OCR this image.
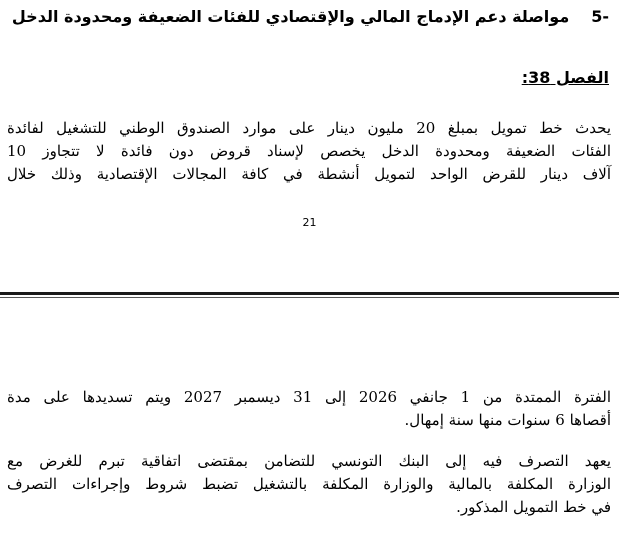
-5مواصلة دعم الإدماج المالي والإقتصادي للفئات الضعيفة ومحدودة الدخل
الفصل 38:
يحدث خط تمويل بمبلغ 20 مليون دينار على موارد الصندوق الوطني للتشغيل لفائدة
الفئات الضعيفة ومحدودة الدخل يخصص لإسناد قروض دون فائدة لا تتجاوز 10
آلاف دينار للقرض الواحد لتمويل أنشطة في كافة المجالات الإقتصادية وذلك خلال
21
الفترة الممتدة من 1 جانفي 2026 إلى 31 ديسمبر 2027 ويتم تسديدها على مدة
أقصاها 6 سنوات منها سنة إمهال.
يعهد التصرف فيه إلى البنك التونسي للتضامن بمقتضى اتفاقية تبرم للغرض مع
الوزارة المكلفة بالمالية والوزارة المكلفة بالتشغيل تضبط شروط وإجراءات التصرف
في خط التمويل المذكور.
